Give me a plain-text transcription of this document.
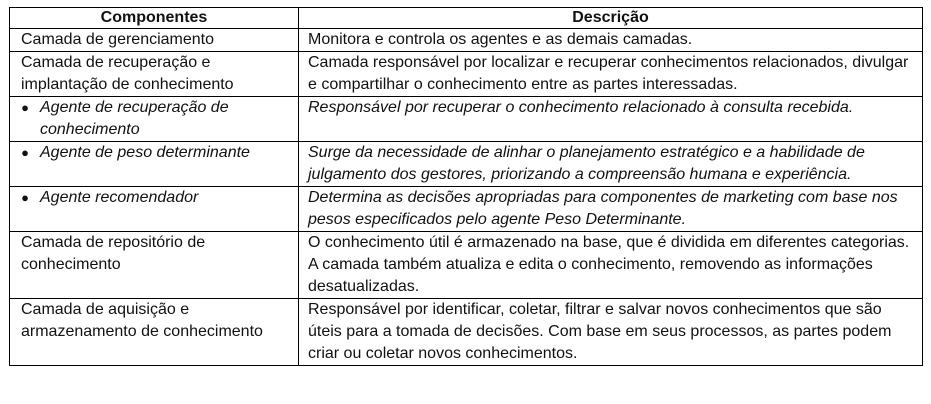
Componentes	Descrição
Camada de gerenciamento	Monitora e controla os agentes e as demais camadas.
Camada de recuperação e implantação de conhecimento	Camada responsável por localizar e recuperar conhecimentos relacionados, divulgar e compartilhar o conhecimento entre as partes interessadas.

● Agente de recuperação de conhecimento	Responsável por recuperar o conhecimento relacionado à consulta recebida.

● Agente de peso determinante	Surge da necessidade de alinhar o planejamento estratégico e a habilidade de julgamento dos gestores, priorizando a compreensão humana e experiência.

● Agente recomendador	Determina as decisões apropriadas para componentes de marketing com base nos pesos especificados pelo agente Peso Determinante.
Camada de repositório de conhecimento	O conhecimento útil é armazenado na base, que é dividida em diferentes categorias. A camada também atualiza e edita o conhecimento, removendo as informações desatualizadas.
Camada de aquisição e armazenamento de conhecimento	Responsável por identificar, coletar, filtrar e salvar novos conhecimentos que são úteis para a tomada de decisões. Com base em seus processos, as partes podem criar ou coletar novos conhecimentos.
